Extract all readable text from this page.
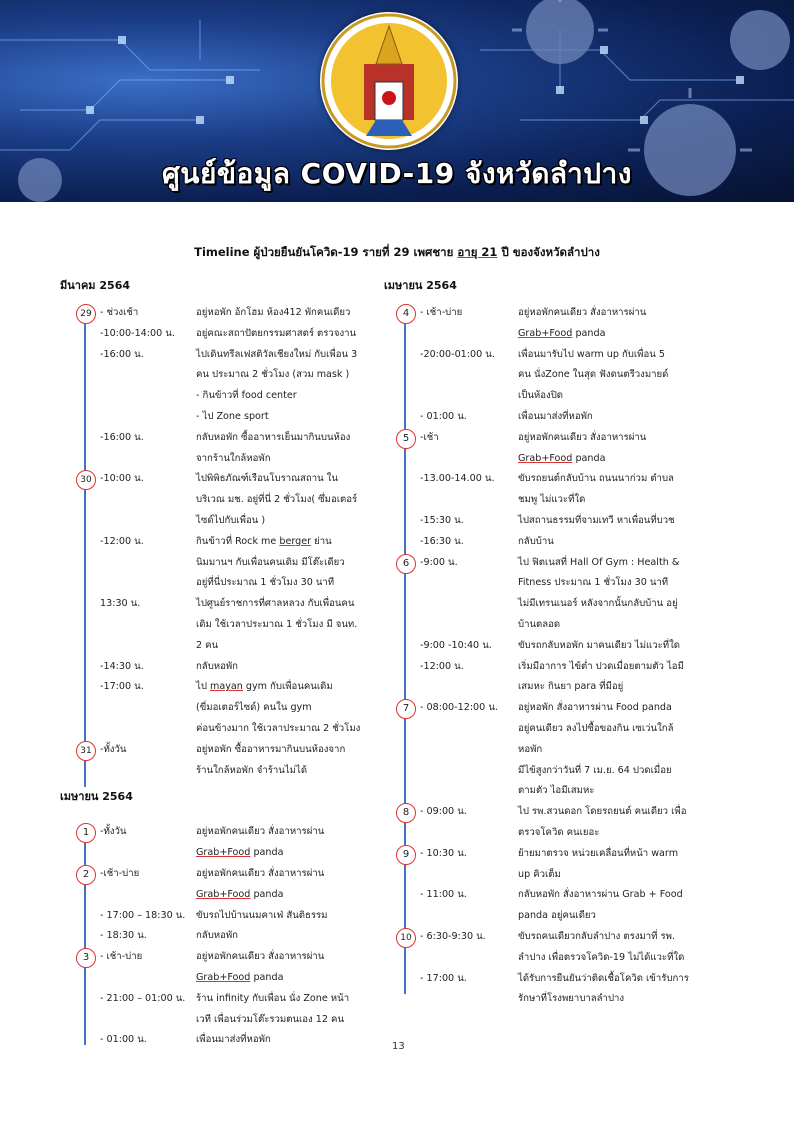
ศูนย์ข้อมูล COVID-19 จังหวัดลำปาง
Timeline ผู้ป่วยยืนยันโควิด-19 รายที่ 29 เพศชาย อายุ 21 ปี ของจังหวัดลำปาง
มีนาคม 2564
เมษายน 2564
เมษายน 2564
29 - ช่วงเช้า	อยู่หอพัก อ้กโฮม ห้อง412 พักคนเดียว
-10:00-14:00 น. อยู่คณะสถาปัตยกรรมศาสตร์ ตรวจงาน
-16:00 น.	ไปเดินทรีลเฟสติวัลเชียงใหม่ กับเพื่อน 3
คน ประมาณ 2 ชั่วโมง (สวม mask )
- กินข้าวที่ food center
- ไป Zone sport
-16:00 น.	กลับหอพัก ซื้ออาหารเย็นมากินบนห้อง
จากร้านใกล้หอพัก
30 -10:00 น.	ไปพิพิธภัณฑ์เรือนโบราณสถาน ใน
บริเวณ มช. อยู่ที่นี่ 2 ชั่วโมง( ซึ่มอเตอร์
ไซด์ไปกับเพื่อน )
-12:00 น.	กินข้าวที่ Rock me berger ย่าน
นิมมานฯ กับเพื่อนคนเดิม มีโต๊ะเดียว
อยู่ที่นี่ประมาณ 1 ชั่วโมง 30 นาที
13:30 น.	ไปศูนย์ราชการที่ศาลหลวง กับเพื่อนคน
เดิม ใช้เวลาประมาณ 1 ชั่วโมง มี จนท.
2 คน
-14:30 น.	กลับหอพัก
-17:00 น.	ไป mayan gym กับเพื่อนคนเดิม
(ขี่มอเตอร์ไซด์) คนใน gym
ค่อนข้างมาก ใช้เวลาประมาณ 2 ชั่วโมง
31 -ทั้งวัน	อยู่หอพัก ซื้ออาหารมากินบนห้องจาก
ร้านใกล้หอพัก จำร้านไม่ได้
1	-ทั้งวัน	อยู่หอพักคนเดียว สั่งอาหารผ่าน
Grab+Food panda
2	-เช้า-บ่าย	อยู่หอพักคนเดียว สั่งอาหารผ่าน
Grab+Food panda
- 17:00 – 18:30 น. ขับรถไปบ้านนมคาเฟ่ สันติธรรม
- 18:30 น.	กลับหอพัก
3	- เช้า-บ่าย	อยู่หอพักคนเดียว สั่งอาหารผ่าน
Grab+Food panda
- 21:00 – 01:00 น. ร้าน infinity กับเพื่อน นั่ง Zone หน้า
เวที เพื่อนร่วมโต๊ะรวมตนเอง 12 คน
- 01:00 น.	เพื่อนมาส่งที่หอพัก
4	- เช้า-บ่าย	อยู่หอพักคนเดียว สั่งอาหารผ่าน
Grab+Food panda
-20:00-01:00 น. เพื่อนมารับไป warm up กับเพื่อน 5
คน นั่งZone ในสุด ฟังดนตรีวงมายด์
เป็นห้องปิด
- 01:00 น.	เพื่อนมาส่งที่หอพัก
5	-เช้า	อยู่หอพักคนเดียว สั่งอาหารผ่าน
Grab+Food panda
-13.00-14.00 น. ขับรถยนต์กลับบ้าน ถนนนาก่วม ตำบล
ชมพู ไม่แวะที่ใด
-15:30 น.	ไปสถานธรรมที่จามเทวี หาเพื่อนที่บวช
-16:30 น.	กลับบ้าน
6	-9:00 น.	ไป ฟิตเนสที่ Hall Of Gym : Health &
Fitness ประมาณ 1 ชั่วโมง 30 นาที
ไม่มีเทรนเนอร์ หลังจากนั้นกลับบ้าน อยู่
บ้านตลอด
-9:00 -10:40 น.	ขับรถกลับหอพัก มาคนเดียว ไม่แวะที่ใด
-12:00 น.	เริ่มมีอาการ ไข้ต่ำ ปวดเมื่อยตามตัว ไอมี
เสมหะ กินยา para ที่มีอยู่
7	- 08:00-12:00 น. อยู่หอพัก สั่งอาหารผ่าน Food panda
อยู่คนเดียว ลงไปซื้อของกิน เซเว่นใกล้
หอพัก
มีไข้สูงกว่าวันที่ 7 เม.ย. 64 ปวดเมื่อย
ตามตัว ไอมีเสมหะ
8	- 09:00 น.	ไป รพ.สวนดอก โดยรถยนต์ คนเดียว เพื่อ
ตรวจโควิด คนเยอะ
9	- 10:30 น.	ย้ายมาตรวจ หน่วยเคลื่อนที่หน้า warm
up คิวเต็ม
- 11:00 น.	กลับหอพัก สั่งอาหารผ่าน Grab + Food
panda อยู่คนเดียว
10 - 6:30-9:30 น.	ขับรถคนเดียวกลับลำปาง ตรงมาที่ รพ.
ลำปาง เพื่อตรวจโควิด-19 ไม่ได้แวะที่ใด
- 17:00 น.	ได้รับการยืนยันว่าติดเชื้อโควิด เข้ารับการ
รักษาที่โรงพยาบาลลำปาง
13
